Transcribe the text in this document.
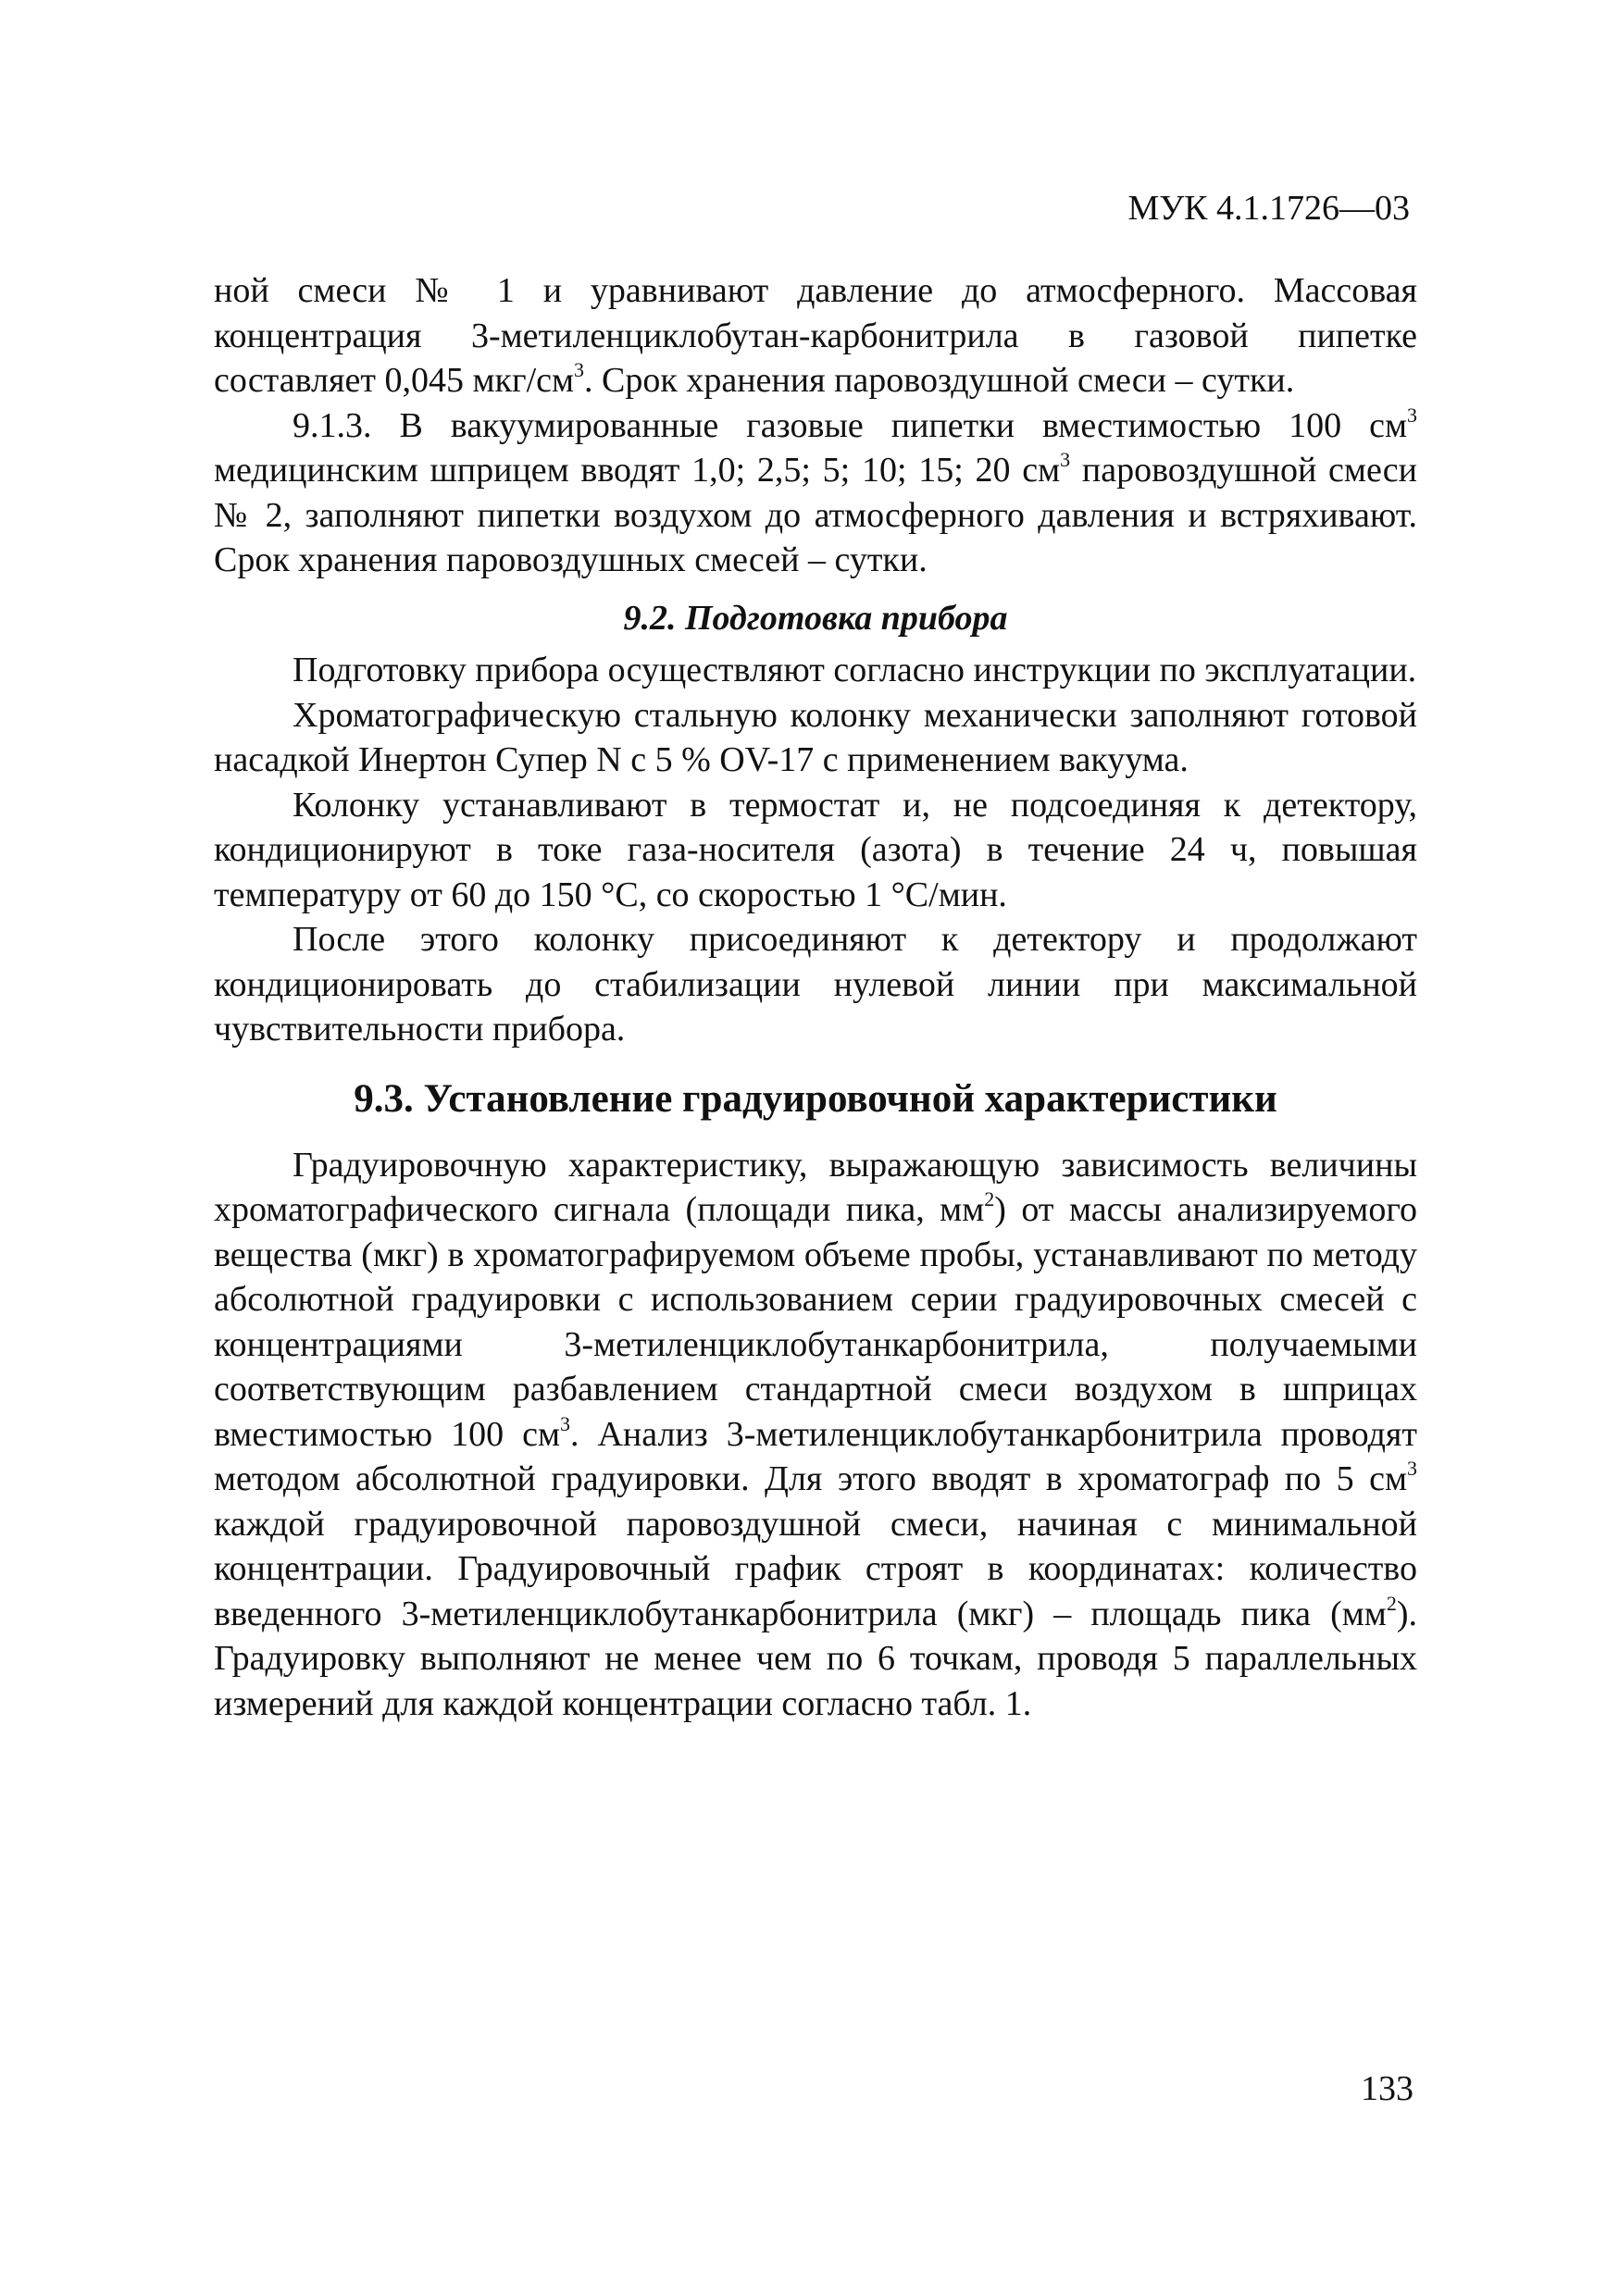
МУК 4.1.1726—03

ной смеси № 1 и уравнивают давление до атмосферного. Массовая концентрация 3-метиленциклобутан-карбонитрила в газовой пипетке составляет 0,045 мкг/$см^3$. Срок хранения паровоздушной смеси – сутки.

9.1.3. В вакуумированные газовые пипетки вместимостью 100 $см^3$ медицинским шприцем вводят 1,0; 2,5; 5; 10; 15; 20 $см^3$ паровоздушной смеси № 2, заполняют пипетки воздухом до атмосферного давления и встряхивают. Срок хранения паровоздушных смесей – сутки.

9.2. Подготовка прибора

Подготовку прибора осуществляют согласно инструкции по эксплуатации.

Хроматографическую стальную колонку механически заполняют готовой насадкой Инертон Супер N с 5 % OV-17 с применением вакуума.

Колонку устанавливают в термостат и, не подсоединяя к детектору, кондиционируют в токе газа-носителя (азота) в течение 24 ч, повышая температуру от 60 до 150 °С, со скоростью 1 °С/мин.

После этого колонку присоединяют к детектору и продолжают кондиционировать до стабилизации нулевой линии при максимальной чувствительности прибора.

9.3. Установление градуировочной характеристики

Градуировочную характеристику, выражающую зависимость величины хроматографического сигнала (площади пика, $мм^2$) от массы анализируемого вещества (мкг) в хроматографируемом объеме пробы, устанавливают по методу абсолютной градуировки с использованием серии градуировочных смесей с концентрациями 3-метиленциклобутанкарбонитрила, получаемыми соответствующим разбавлением стандартной смеси воздухом в шприцах вместимостью 100 $см^3$. Анализ 3-метиленциклобутанкарбонитрила проводят методом абсолютной градуировки. Для этого вводят в хроматограф по 5 $см^3$ каждой градуировочной паровоздушной смеси, начиная с минимальной концентрации. Градуировочный график строят в координатах: количество введенного 3-метиленциклобутанкарбонитрила (мкг) – площадь пика $(мм^2)$. Градуировку выполняют не менее чем по 6 точкам, проводя 5 параллельных измерений для каждой концентрации согласно табл. 1.

133
